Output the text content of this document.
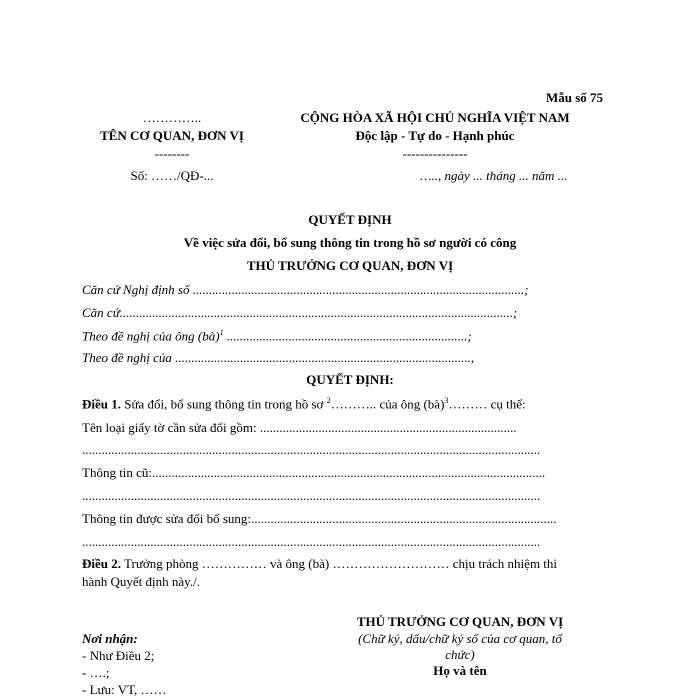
Mẫu số 75
…………..
TÊN CƠ QUAN, ĐƠN VỊ
--------
Số: ……/QĐ-...
CỘNG HÒA XÃ HỘI CHỦ NGHĨA VIỆT NAM
Độc lập - Tự do - Hạnh phúc
---------------
….., ngày ... tháng ... năm ...
QUYẾT ĐỊNH
Về việc sửa đổi, bổ sung thông tin trong hồ sơ người có công
THỦ TRƯỞNG CƠ QUAN, ĐƠN VỊ
Căn cứ Nghị định số ......................................................................................................;
Căn cứ.........................................................................................................................;
Theo đề nghị của ông (bà)$^1$ ..........................................................................;
Theo đề nghị của ...........................................................................................,
QUYẾT ĐỊNH:
Điều 1. Sửa đổi, bổ sung thông tin trong hồ sơ $^2$……….. của ông (bà)$^3$……… cụ thể:
Tên loại giấy tờ cần sửa đổi gồm: ...............................................................................
.............................................................................................................................................
Thông tin cũ:.........................................................................................................................
.............................................................................................................................................
Thông tin được sửa đổi bổ sung:..............................................................................................
.............................................................................................................................................
Điều 2. Trưởng phòng …………… và ông (bà) ……………………… chịu trách nhiệm thi
hành Quyết định này./.
Nơi nhận:
- Như Điều 2;
- ….;
- Lưu: VT, ……
THỦ TRƯỞNG CƠ QUAN, ĐƠN VỊ
(Chữ ký, dấu/chữ ký số của cơ quan, tổ
chức)
Họ và tên
